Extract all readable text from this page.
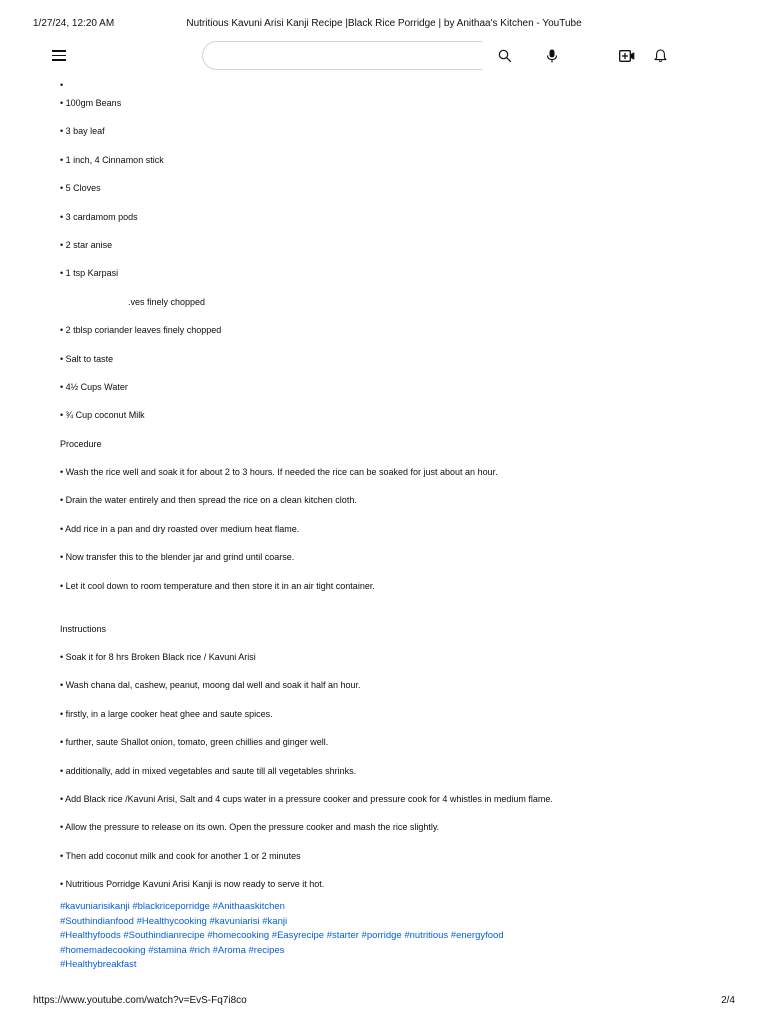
1/27/24, 12:20 AM	Nutritious Kavuni Arisi Kanji Recipe |Black Rice Porridge | by Anithaa's Kitchen - YouTube
•
• 100gm Beans
• 3 bay leaf
• 1 inch, 4 Cinnamon stick
• 5 Cloves
• 3 cardamom pods
• 2 star anise
• 1 tsp Karpasi
.ves finely chopped
• 2 tblsp coriander leaves finely chopped
• Salt to taste
• 4½ Cups Water
• ¾ Cup coconut Milk
Procedure
• Wash the rice well and soak it for about 2 to 3 hours. If needed the rice can be soaked for just about an hour.
• Drain the water entirely and then spread the rice on a clean kitchen cloth.
• Add rice in a pan and dry roasted over medium heat flame.
• Now transfer this to the blender jar and grind until coarse.
• Let it cool down to room temperature and then store it in an air tight container.
Instructions
• Soak it for 8 hrs Broken Black rice / Kavuni Arisi
• Wash chana dal, cashew, peanut, moong dal well and soak it half an hour.
• firstly, in a large cooker heat ghee and saute spices.
• further, saute Shallot onion, tomato, green chillies and ginger well.
• additionally, add in mixed vegetables and saute till all vegetables shrinks.
• Add Black rice /Kavuni Arisi, Salt and 4 cups water in a pressure cooker and pressure cook for 4 whistles in medium flame.
• Allow the pressure to release on its own. Open the pressure cooker and mash the rice slightly.
• Then add coconut milk and cook for another 1 or 2 minutes
• Nutritious Porridge Kavuni Arisi Kanji is now ready to serve it hot.
#kavuniarisikanji #blackriceporridge #Anithaaskitchen
#Southindianfood #Healthycooking #kavuniarisi #kanji
#Healthyfoods #Southindianrecipe #homecooking #Easyrecipe #starter #porridge #nutritious #energyfood
#homemadecooking #stamina #rich #Aroma #recipes
#Healthybreakfast
https://www.youtube.com/watch?v=EvS-Fq7i8co	2/4
